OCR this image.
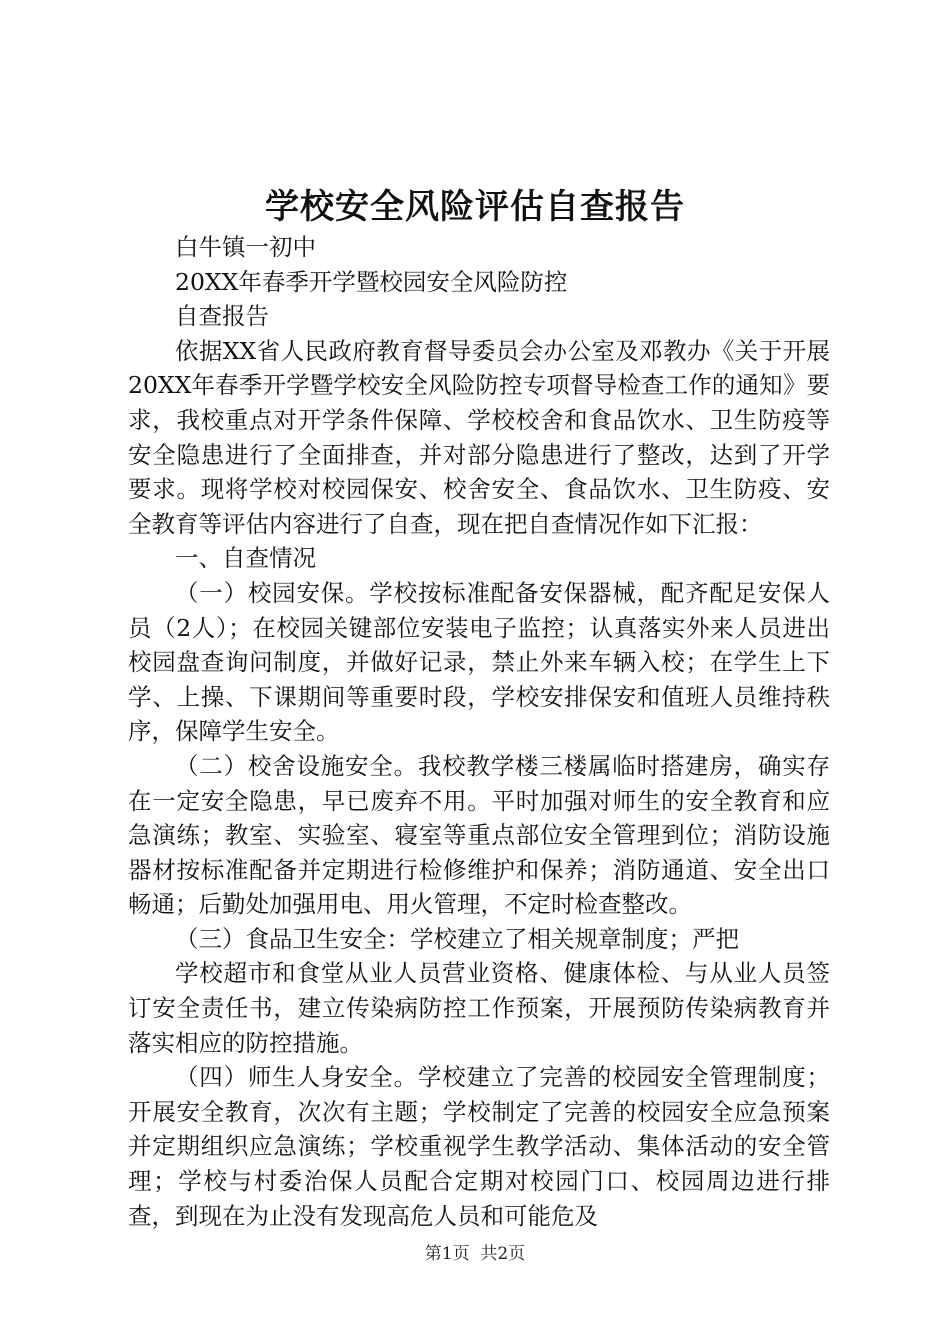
学校安全风险评估自查报告

白牛镇一初中

20XX年春季开学暨校园安全风险防控

自查报告

依据XX省人民政府教育督导委员会办公室及邓教办《关于开展20XX年春季开学暨学校安全风险防控专项督导检查工作的通知》要求，我校重点对开学条件保障、学校校舍和食品饮水、卫生防疫等安全隐患进行了全面排查，并对部分隐患进行了整改，达到了开学要求。现将学校对校园保安、校舍安全、食品饮水、卫生防疫、安全教育等评估内容进行了自查，现在把自查情况作如下汇报：

一、自查情况

（一）校园安保。学校按标准配备安保器械，配齐配足安保人员（2人）；在校园关键部位安装电子监控；认真落实外来人员进出校园盘查询问制度，并做好记录，禁止外来车辆入校；在学生上下学、上操、下课期间等重要时段，学校安排保安和值班人员维持秩序，保障学生安全。

（二）校舍设施安全。我校教学楼三楼属临时搭建房，确实存在一定安全隐患，早已废弃不用。平时加强对师生的安全教育和应急演练；教室、实验室、寝室等重点部位安全管理到位；消防设施器材按标准配备并定期进行检修维护和保养；消防通道、安全出口畅通；后勤处加强用电、用火管理，不定时检查整改。

（三）食品卫生安全：学校建立了相关规章制度；严把

学校超市和食堂从业人员营业资格、健康体检、与从业人员签订安全责任书，建立传染病防控工作预案，开展预防传染病教育并落实相应的防控措施。

（四）师生人身安全。学校建立了完善的校园安全管理制度；开展安全教育，次次有主题；学校制定了完善的校园安全应急预案并定期组织应急演练；学校重视学生教学活动、集体活动的安全管理；学校与村委治保人员配合定期对校园门口、校园周边进行排查，到现在为止没有发现高危人员和可能危及

第1页  共2页
